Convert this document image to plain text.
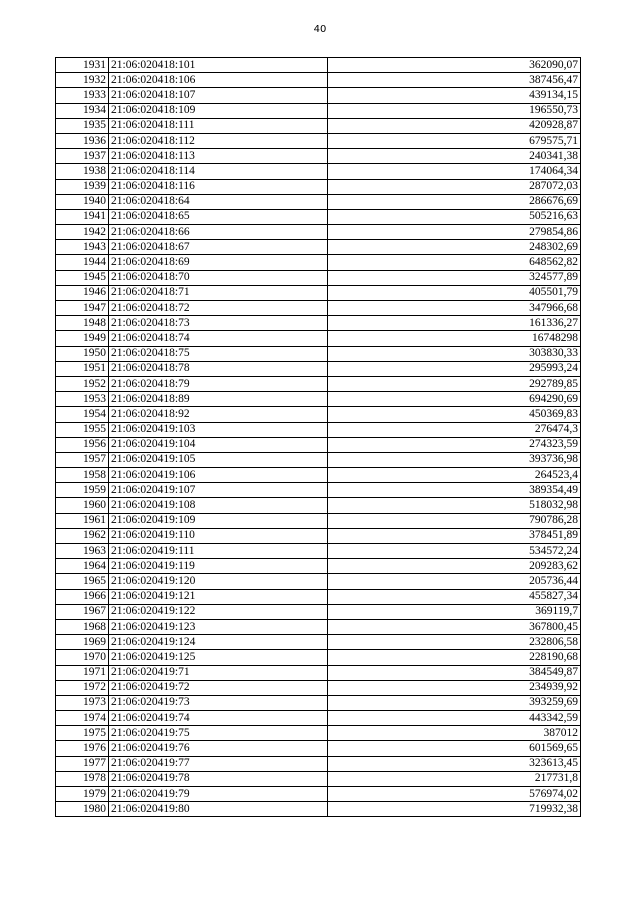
40
1931	21:06:020418:101	362090,07
1932	21:06:020418:106	387456,47
1933	21:06:020418:107	439134,15
1934	21:06:020418:109	196550,73
1935	21:06:020418:111	420928,87
1936	21:06:020418:112	679575,71
1937	21:06:020418:113	240341,38
1938	21:06:020418:114	174064,34
1939	21:06:020418:116	287072,03
1940	21:06:020418:64	286676,69
1941	21:06:020418:65	505216,63
1942	21:06:020418:66	279854,86
1943	21:06:020418:67	248302,69
1944	21:06:020418:69	648562,82
1945	21:06:020418:70	324577,89
1946	21:06:020418:71	405501,79
1947	21:06:020418:72	347966,68
1948	21:06:020418:73	161336,27
1949	21:06:020418:74	16748298
1950	21:06:020418:75	303830,33
1951	21:06:020418:78	295993,24
1952	21:06:020418:79	292789,85
1953	21:06:020418:89	694290,69
1954	21:06:020418:92	450369,83
1955	21:06:020419:103	276474,3
1956	21:06:020419:104	274323,59
1957	21:06:020419:105	393736,98
1958	21:06:020419:106	264523,4
1959	21:06:020419:107	389354,49
1960	21:06:020419:108	518032,98
1961	21:06:020419:109	790786,28
1962	21:06:020419:110	378451,89
1963	21:06:020419:111	534572,24
1964	21:06:020419:119	209283,62
1965	21:06:020419:120	205736,44
1966	21:06:020419:121	455827,34
1967	21:06:020419:122	369119,7
1968	21:06:020419:123	367800,45
1969	21:06:020419:124	232806,58
1970	21:06:020419:125	228190,68
1971	21:06:020419:71	384549,87
1972	21:06:020419:72	234939,92
1973	21:06:020419:73	393259,69
1974	21:06:020419:74	443342,59
1975	21:06:020419:75	387012
1976	21:06:020419:76	601569,65
1977	21:06:020419:77	323613,45
1978	21:06:020419:78	217731,8
1979	21:06:020419:79	576974,02
1980	21:06:020419:80	719932,38
